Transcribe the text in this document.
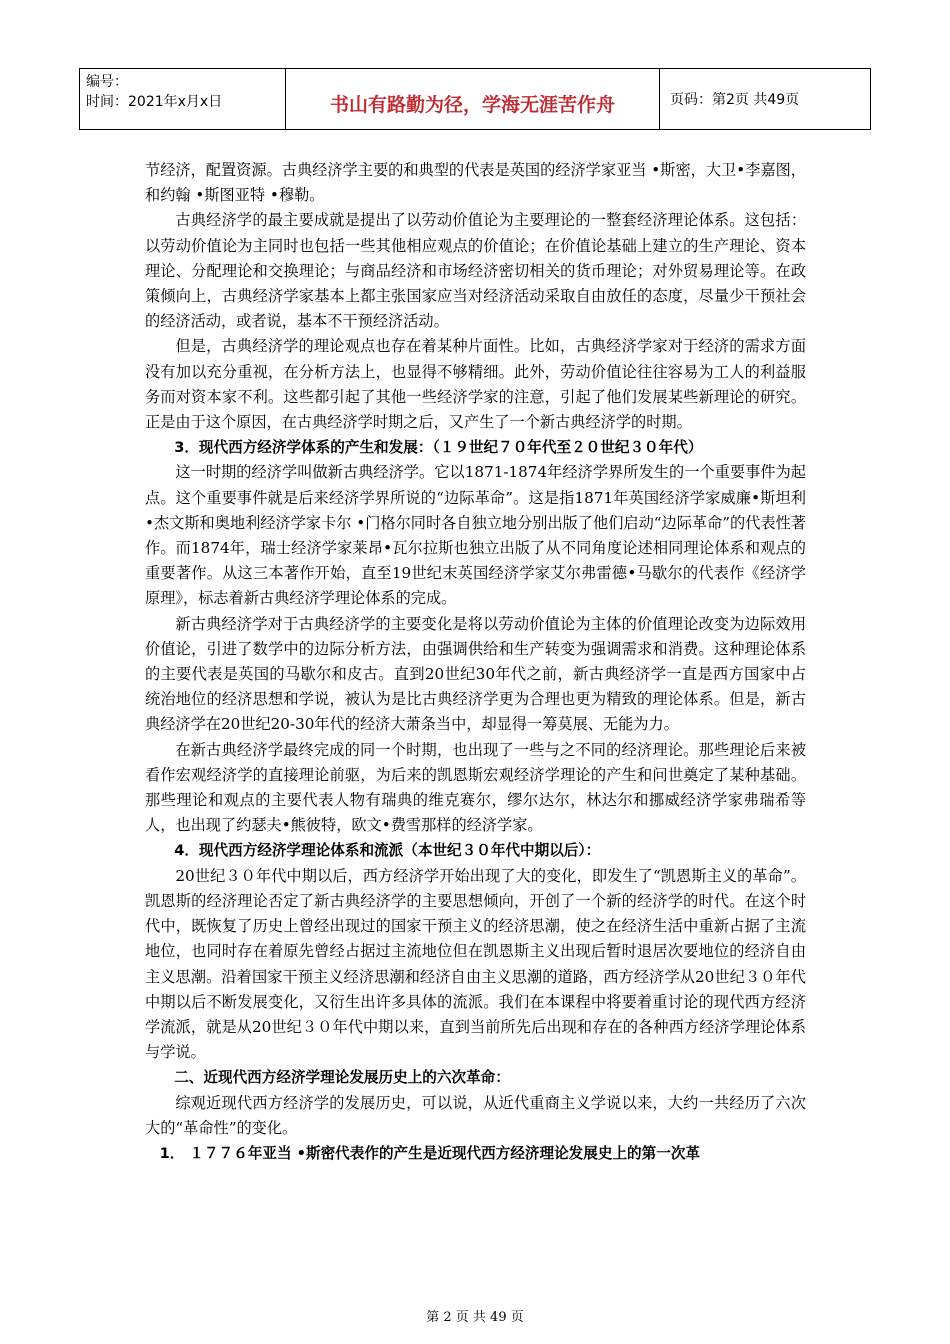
编号：
时间：2021年x月x日	书山有路勤为径，学海无涯苦作舟	页码：第2页 共49页

节经济，配置资源。古典经济学主要的和典型的代表是英国的经济学家亚当 •斯密，大卫•李嘉图，和约翰 •斯图亚特 •穆勒。

古典经济学的最主要成就是提出了以劳动价值论为主要理论的一整套经济理论体系。这包括：以劳动价值论为主同时也包括一些其他相应观点的价值论；在价值论基础上建立的生产理论、资本理论、分配理论和交换理论；与商品经济和市场经济密切相关的货币理论；对外贸易理论等。在政策倾向上，古典经济学家基本上都主张国家应当对经济活动采取自由放任的态度，尽量少干预社会的经济活动，或者说，基本不干预经济活动。

但是，古典经济学的理论观点也存在着某种片面性。比如，古典经济学家对于经济的需求方面没有加以充分重视，在分析方法上，也显得不够精细。此外，劳动价值论往往容易为工人的利益服务而对资本家不利。这些都引起了其他一些经济学家的注意，引起了他们发展某些新理论的研究。正是由于这个原因，在古典经济学时期之后，又产生了一个新古典经济学的时期。

3．现代西方经济学体系的产生和发展：（１９世纪７０年代至２０世纪３０年代）

这一时期的经济学叫做新古典经济学。它以1871-1874年经济学界所发生的一个重要事件为起点。这个重要事件就是后来经济学界所说的“边际革命”。这是指1871年英国经济学家威廉•斯坦利 •杰文斯和奥地利经济学家卡尔 •门格尔同时各自独立地分别出版了他们启动“边际革命”的代表性著作。而1874年，瑞士经济学家莱昂•瓦尔拉斯也独立出版了从不同角度论述相同理论体系和观点的重要著作。从这三本著作开始，直至19世纪末英国经济学家艾尔弗雷德•马歇尔的代表作《经济学原理》，标志着新古典经济学理论体系的完成。

新古典经济学对于古典经济学的主要变化是将以劳动价值论为主体的价值理论改变为边际效用价值论，引进了数学中的边际分析方法，由强调供给和生产转变为强调需求和消费。这种理论体系的主要代表是英国的马歇尔和皮古。直到20世纪30年代之前，新古典经济学一直是西方国家中占统治地位的经济思想和学说，被认为是比古典经济学更为合理也更为精致的理论体系。但是，新古典经济学在20世纪20-30年代的经济大萧条当中，却显得一筹莫展、无能为力。

在新古典经济学最终完成的同一个时期，也出现了一些与之不同的经济理论。那些理论后来被看作宏观经济学的直接理论前驱，为后来的凯恩斯宏观经济学理论的产生和问世奠定了某种基础。那些理论和观点的主要代表人物有瑞典的维克赛尔，缪尔达尔，林达尔和挪威经济学家弗瑞希等人，也出现了约瑟夫•熊彼特，欧文•费雪那样的经济学家。

4．现代西方经济学理论体系和流派（本世纪３０年代中期以后）：

20世纪３０年代中期以后，西方经济学开始出现了大的变化，即发生了“凯恩斯主义的革命”。凯恩斯的经济理论否定了新古典经济学的主要思想倾向，开创了一个新的经济学的时代。在这个时代中，既恢复了历史上曾经出现过的国家干预主义的经济思潮，使之在经济生活中重新占据了主流地位，也同时存在着原先曾经占据过主流地位但在凯恩斯主义出现后暂时退居次要地位的经济自由主义思潮。沿着国家干预主义经济思潮和经济自由主义思潮的道路，西方经济学从20世纪３０年代中期以后不断发展变化，又衍生出许多具体的流派。我们在本课程中将要着重讨论的现代西方经济学流派，就是从20世纪３０年代中期以来，直到当前所先后出现和存在的各种西方经济学理论体系与学说。

二、近现代西方经济学理论发展历史上的六次革命：

综观近现代西方经济学的发展历史，可以说，从近代重商主义学说以来，大约一共经历了六次大的“革命性”的变化。

1． １７７６年亚当 •斯密代表作的产生是近现代西方经济理论发展史上的第一次革

第 2 页 共 49 页
